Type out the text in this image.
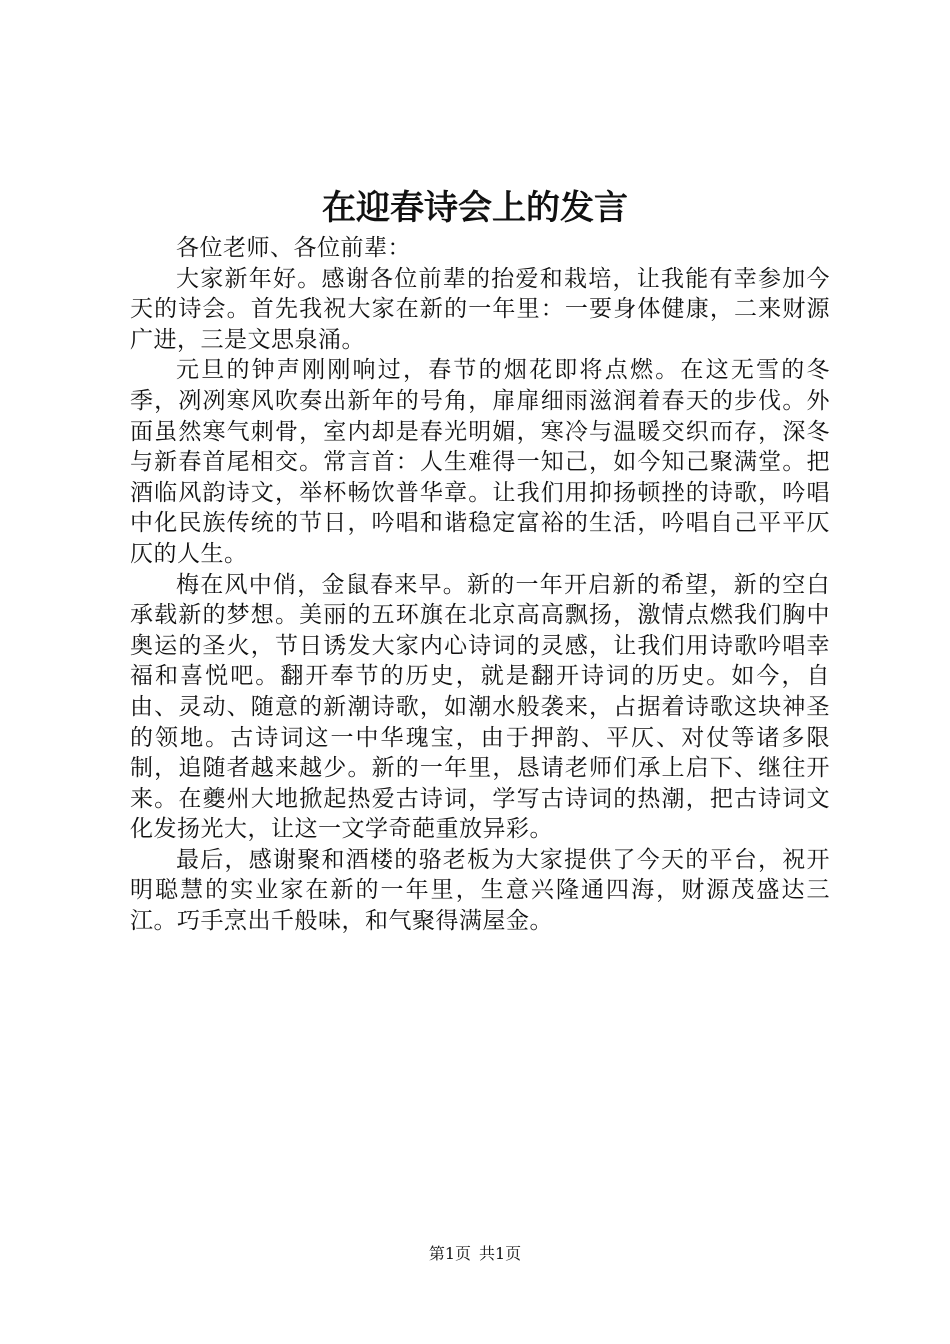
在迎春诗会上的发言

各位老师、各位前辈：

大家新年好。感谢各位前辈的抬爱和栽培，让我能有幸参加今天的诗会。首先我祝大家在新的一年里：一要身体健康，二来财源广进，三是文思泉涌。

元旦的钟声刚刚响过，春节的烟花即将点燃。在这无雪的冬季，冽冽寒风吹奏出新年的号角，扉扉细雨滋润着春天的步伐。外面虽然寒气刺骨，室内却是春光明媚，寒冷与温暖交织而存，深冬与新春首尾相交。常言首：人生难得一知己，如今知己聚满堂。把酒临风韵诗文，举杯畅饮普华章。让我们用抑扬顿挫的诗歌，吟唱中化民族传统的节日，吟唱和谐稳定富裕的生活，吟唱自己平平仄仄的人生。

梅在风中俏，金鼠春来早。新的一年开启新的希望，新的空白承载新的梦想。美丽的五环旗在北京高高飘扬，激情点燃我们胸中奥运的圣火，节日诱发大家内心诗词的灵感，让我们用诗歌吟唱幸福和喜悦吧。翻开奉节的历史，就是翻开诗词的历史。如今，自由、灵动、随意的新潮诗歌，如潮水般袭来，占据着诗歌这块神圣的领地。古诗词这一中华瑰宝，由于押韵、平仄、对仗等诸多限制，追随者越来越少。新的一年里，恳请老师们承上启下、继往开来。在夔州大地掀起热爱古诗词，学写古诗词的热潮，把古诗词文化发扬光大，让这一文学奇葩重放异彩。

最后，感谢聚和酒楼的骆老板为大家提供了今天的平台，祝开明聪慧的实业家在新的一年里，生意兴隆通四海，财源茂盛达三江。巧手烹出千般味，和气聚得满屋金。

第1页 共1页
